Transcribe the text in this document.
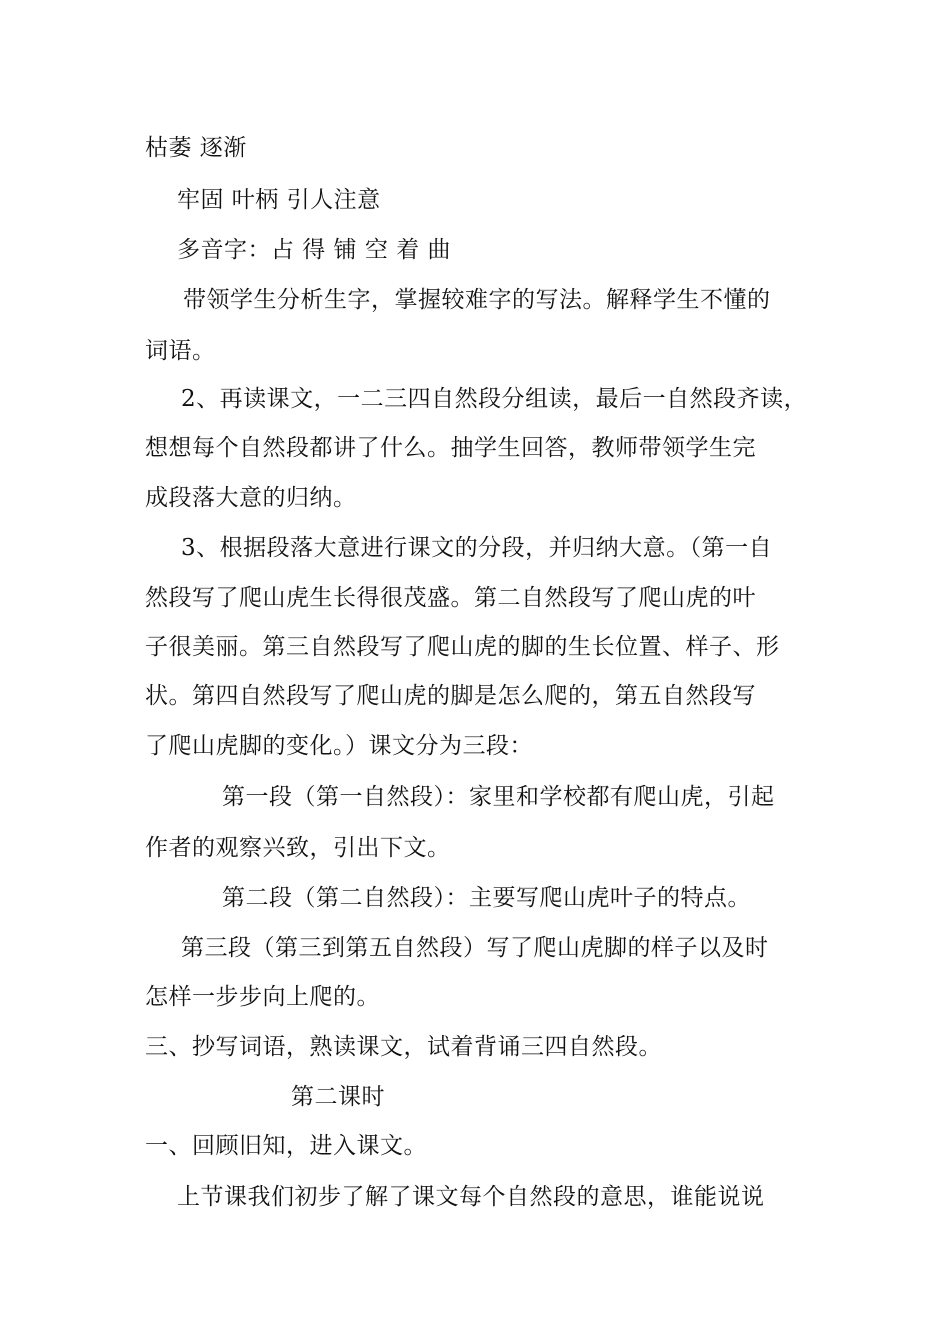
枯萎 逐渐
牢固 叶柄 引人注意
多音字：占 得 铺 空 着 曲
带领学生分析生字，掌握较难字的写法。解释学生不懂的
词语。
2、再读课文，一二三四自然段分组读，最后一自然段齐读，
想想每个自然段都讲了什么。抽学生回答，教师带领学生完
成段落大意的归纳。
3、根据段落大意进行课文的分段，并归纳大意。（第一自
然段写了爬山虎生长得很茂盛。第二自然段写了爬山虎的叶
子很美丽。第三自然段写了爬山虎的脚的生长位置、样子、形
状。第四自然段写了爬山虎的脚是怎么爬的，第五自然段写
了爬山虎脚的变化。）课文分为三段：
第一段（第一自然段）：家里和学校都有爬山虎，引起
作者的观察兴致，引出下文。
第二段（第二自然段）：主要写爬山虎叶子的特点。
第三段（第三到第五自然段）写了爬山虎脚的样子以及时
怎样一步步向上爬的。
三、抄写词语，熟读课文，试着背诵三四自然段。
第二课时
一、回顾旧知，进入课文。
上节课我们初步了解了课文每个自然段的意思，谁能说说
